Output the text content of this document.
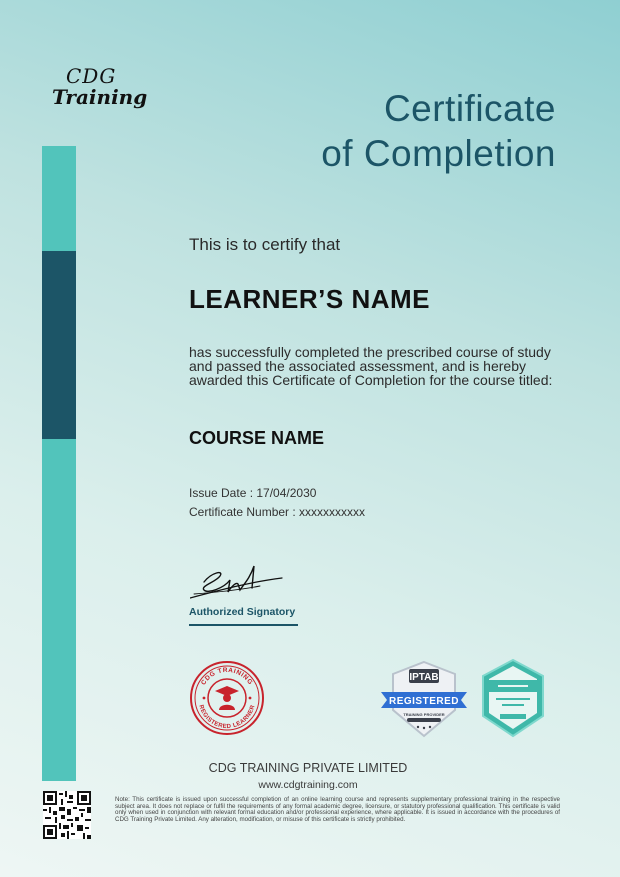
CDG
Training	Certificate
of Completion
This is to certify that
LEARNER’S NAME
has successfully completed the prescribed course of study and passed the associated assessment, and is hereby awarded this Certificate of Completion for the course titled:
COURSE NAME
Issue Date : 17/04/2030
Certificate Number : xxxxxxxxxxx
Authorized Signatory
CDG TRAINING
REGISTERED LEARNER
IPTAB
REGISTERED
TRAINING PROVIDER
CDG TRAINING PRIVATE LIMITED
www.cdgtraining.com
Note: This certificate is issued upon successful completion of an online learning course and represents supplementary professional training in the respective subject area. It does not replace or fulfil the requirements of any formal academic degree, licensure, or statutory professional qualification. This certificate is valid only when used in conjunction with relevant formal education and/or professional experience, where applicable. It is issued in accordance with the procedures of CDG Training Private Limited. Any alteration, modification, or misuse of this certificate is strictly prohibited.
